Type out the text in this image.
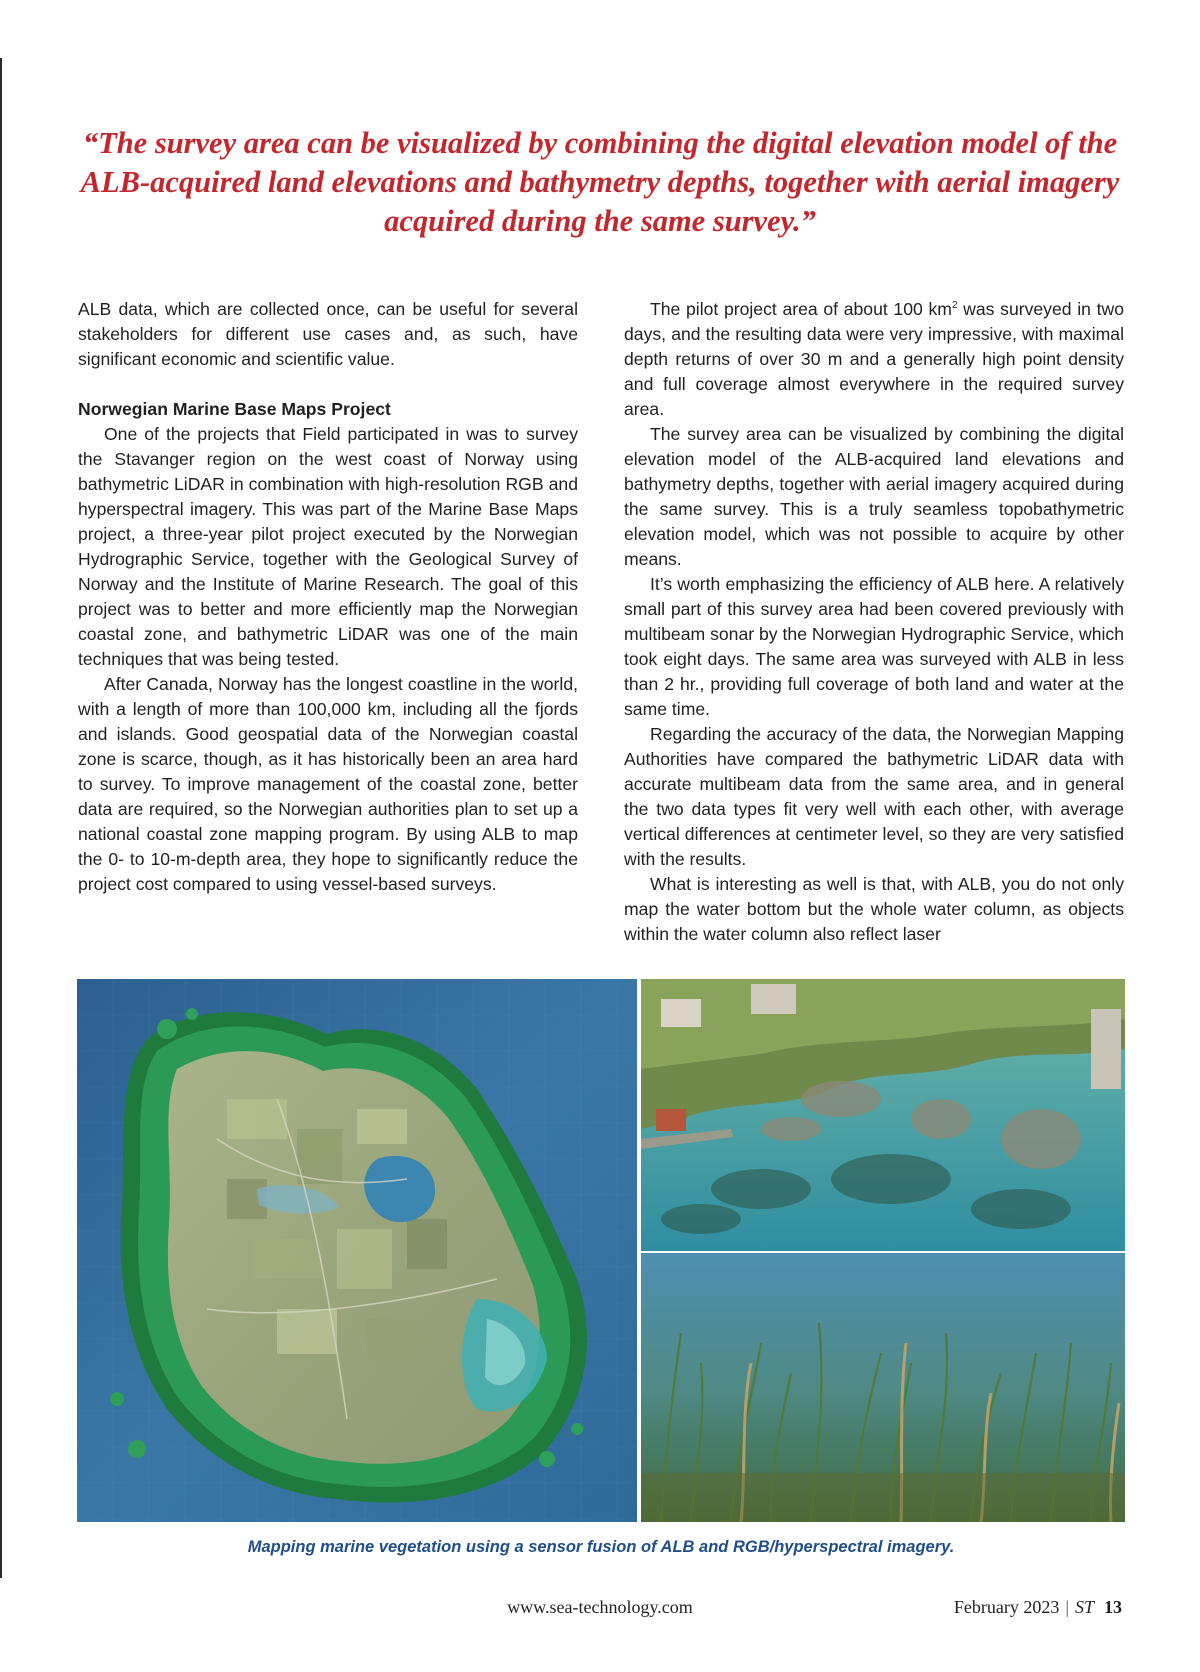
“The survey area can be visualized by combining the digital elevation model of the ALB-acquired land elevations and bathymetry depths, together with aerial imagery acquired during the same survey.”

ALB data, which are collected once, can be useful for several stakeholders for different use cases and, as such, have significant economic and scientific value.

Norwegian Marine Base Maps Project

One of the projects that Field participated in was to survey the Stavanger region on the west coast of Norway using bathymetric LiDAR in combination with high-resolution RGB and hyperspectral imagery. This was part of the Marine Base Maps project, a three-year pilot project executed by the Norwegian Hydrographic Service, together with the Geological Survey of Norway and the Institute of Marine Research. The goal of this project was to better and more efficiently map the Norwegian coastal zone, and bathymetric LiDAR was one of the main techniques that was being tested.

After Canada, Norway has the longest coastline in the world, with a length of more than 100,000 km, including all the fjords and islands. Good geospatial data of the Norwegian coastal zone is scarce, though, as it has historically been an area hard to survey. To improve management of the coastal zone, better data are required, so the Norwegian authorities plan to set up a national coastal zone mapping program. By using ALB to map the 0- to 10-m-depth area, they hope to significantly reduce the project cost compared to using vessel-based surveys.

The pilot project area of about 100 $km^2$ was surveyed in two days, and the resulting data were very impressive, with maximal depth returns of over 30 m and a generally high point density and full coverage almost everywhere in the required survey area.

The survey area can be visualized by combining the digital elevation model of the ALB-acquired land elevations and bathymetry depths, together with aerial imagery acquired during the same survey. This is a truly seamless topobathymetric elevation model, which was not possible to acquire by other means.

It’s worth emphasizing the efficiency of ALB here. A relatively small part of this survey area had been covered previously with multibeam sonar by the Norwegian Hydrographic Service, which took eight days. The same area was surveyed with ALB in less than 2 hr., providing full coverage of both land and water at the same time.

Regarding the accuracy of the data, the Norwegian Mapping Authorities have compared the bathymetric LiDAR data with accurate multibeam data from the same area, and in general the two data types fit very well with each other, with average vertical differences at centimeter level, so they are very satisfied with the results.

What is interesting as well is that, with ALB, you do not only map the water bottom but the whole water column, as objects within the water column also reflect laser

Mapping marine vegetation using a sensor fusion of ALB and RGB/hyperspectral imagery.
www.sea-technology.com	February 2023 | ST 13
